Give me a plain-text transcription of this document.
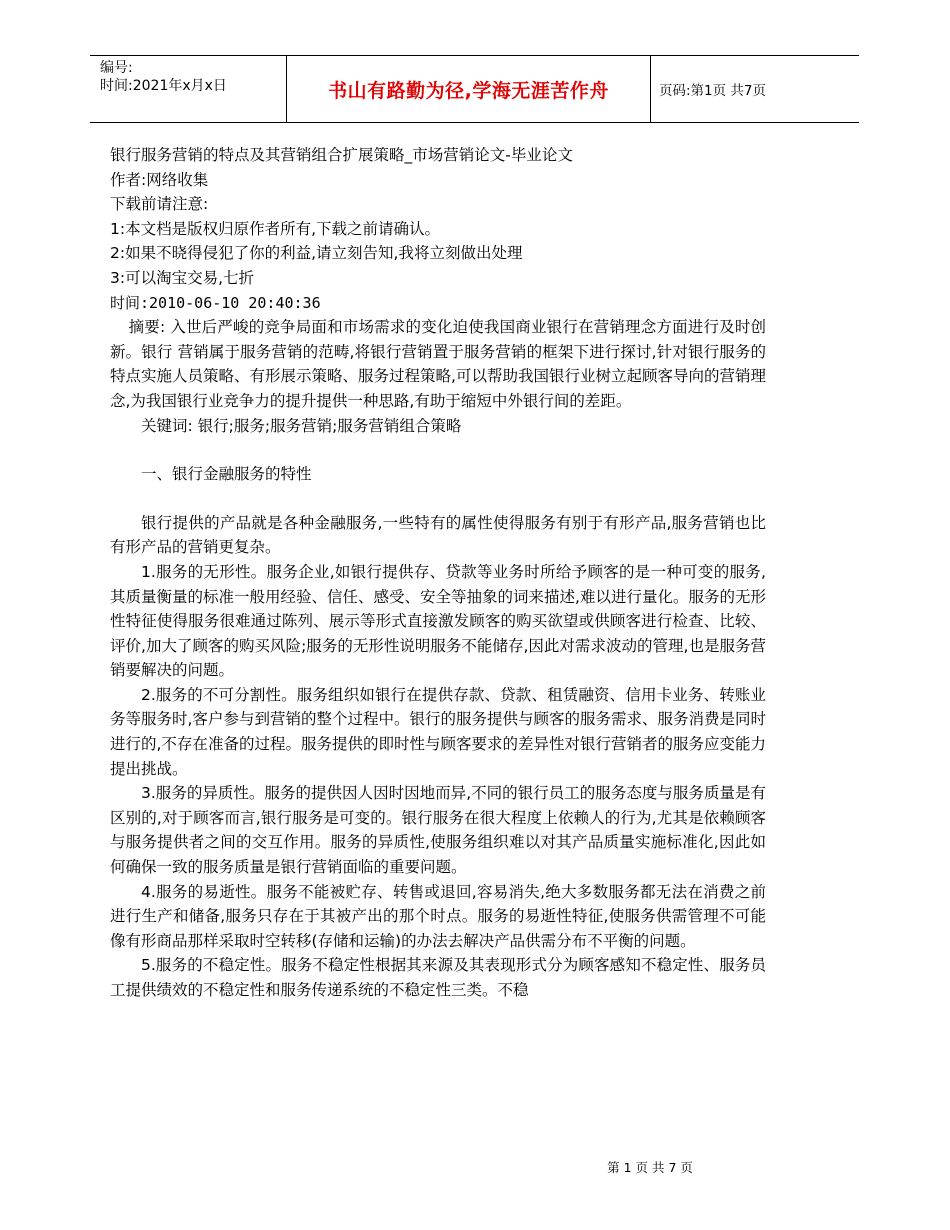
编号:
时间:2021年x月x日	书山有路勤为径,学海无涯苦作舟	页码:第1页 共7页
银行服务营销的特点及其营销组合扩展策略_市场营销论文-毕业论文
作者:网络收集
下载前请注意:
1:本文档是版权归原作者所有,下载之前请确认。
2:如果不晓得侵犯了你的利益,请立刻告知,我将立刻做出处理
3:可以淘宝交易,七折
时间:2010-06-10 20:40:36

摘要: 入世后严峻的竞争局面和市场需求的变化迫使我国商业银行在营销理念方面进行及时创新。银行 营销属于服务营销的范畴,将银行营销置于服务营销的框架下进行探讨,针对银行服务的特点实施人员策略、有形展示策略、服务过程策略,可以帮助我国银行业树立起顾客导向的营销理念,为我国银行业竞争力的提升提供一种思路,有助于缩短中外银行间的差距。

关键词: 银行;服务;服务营销;服务营销组合策略

一、银行金融服务的特性

银行提供的产品就是各种金融服务,一些特有的属性使得服务有别于有形产品,服务营销也比有形产品的营销更复杂。

1.服务的无形性。服务企业,如银行提供存、贷款等业务时所给予顾客的是一种可变的服务,其质量衡量的标准一般用经验、信任、感受、安全等抽象的词来描述,难以进行量化。服务的无形性特征使得服务很难通过陈列、展示等形式直接激发顾客的购买欲望或供顾客进行检查、比较、评价,加大了顾客的购买风险;服务的无形性说明服务不能储存,因此对需求波动的管理,也是服务营销要解决的问题。

2.服务的不可分割性。服务组织如银行在提供存款、贷款、租赁融资、信用卡业务、转账业务等服务时,客户参与到营销的整个过程中。银行的服务提供与顾客的服务需求、服务消费是同时进行的,不存在准备的过程。服务提供的即时性与顾客要求的差异性对银行营销者的服务应变能力提出挑战。

3.服务的异质性。服务的提供因人因时因地而异,不同的银行员工的服务态度与服务质量是有区别的,对于顾客而言,银行服务是可变的。银行服务在很大程度上依赖人的行为,尤其是依赖顾客与服务提供者之间的交互作用。服务的异质性,使服务组织难以对其产品质量实施标准化,因此如何确保一致的服务质量是银行营销面临的重要问题。

4.服务的易逝性。服务不能被贮存、转售或退回,容易消失,绝大多数服务都无法在消费之前进行生产和储备,服务只存在于其被产出的那个时点。服务的易逝性特征,使服务供需管理不可能像有形商品那样采取时空转移(存储和运输)的办法去解决产品供需分布不平衡的问题。

5.服务的不稳定性。服务不稳定性根据其来源及其表现形式分为顾客感知不稳定性、服务员工提供绩效的不稳定性和服务传递系统的不稳定性三类。不稳

第 1 页 共 7 页
